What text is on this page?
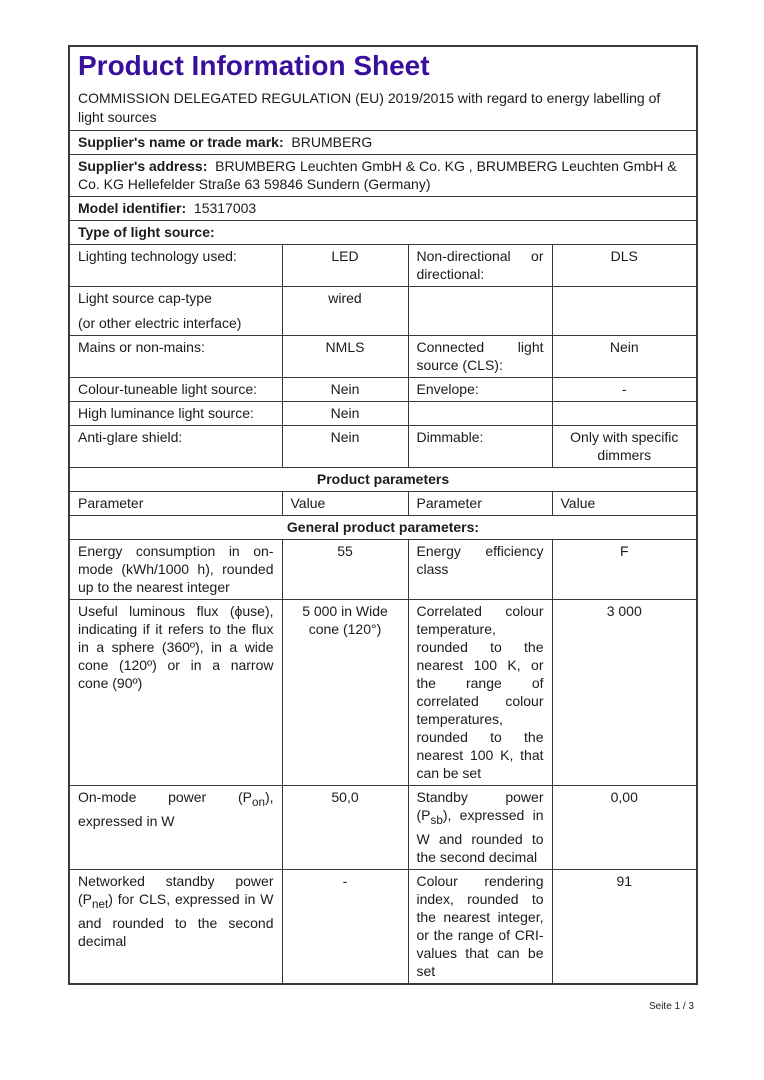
Product Information Sheet

COMMISSION DELEGATED REGULATION (EU) 2019/2015 with regard to energy labelling of light sources

Supplier's name or trade mark: BRUMBERG			
Supplier's address: BRUMBERG Leuchten GmbH & Co. KG , BRUMBERG Leuchten GmbH & Co. KG Hellefelder Straße 63 59846 Sundern (Germany)			
Model identifier: 15317003			
Type of light source:			
Lighting technology used:	LED	Non-directional or directional:	DLS

Light source cap-type
(or other electric interface)	wired		
Mains or non-mains:	NMLS	Connected light source (CLS):	Nein
Colour-tuneable light source:	Nein	Envelope:	-
High luminance light source:	Nein		
Anti-glare shield:	Nein	Dimmable:	Only with specific dimmers
Product parameters			
Parameter	Value	Parameter	Value
General product parameters:			
Energy consumption in on-mode (kWh/1000 h), rounded up to the nearest integer	55	Energy efficiency class	F
Useful luminous flux (ϕuse), indicating if it refers to the flux in a sphere (360º), in a wide cone (120º) or in a narrow cone (90º)	5 000 in Wide cone (120°)	Correlated colour temperature, rounded to the nearest 100 K, or the range of correlated colour temperatures, rounded to the nearest 100 K, that can be set	3 000
On-mode power $(P_{on})$, expressed in W	50,0	Standby power $(P_{sb})$, expressed in W and rounded to the second decimal	0,00
Networked standby power $(P_{net})$ for CLS, expressed in W and rounded to the second decimal	-	Colour rendering index, rounded to the nearest integer, or the range of CRI-values that can be set	91
Seite 1 / 3
